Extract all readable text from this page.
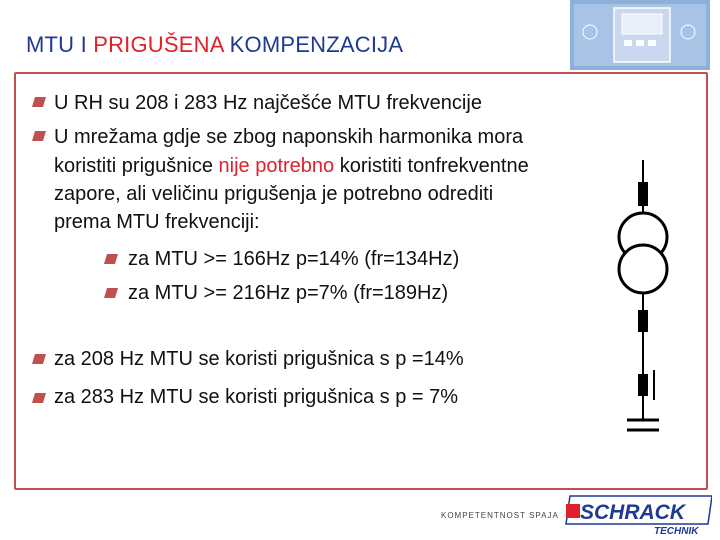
MTU I PRIGUŠENA KOMPENZACIJA
U RH su 208 i 283 Hz najčešće MTU frekvencije
U mrežama gdje se zbog naponskih harmonika mora
koristiti prigušnice nije potrebno koristiti tonfrekventne
zapore, ali veličinu prigušenja je potrebno odrediti
prema MTU frekvenciji:
za MTU >= 166Hz p=14% (fr=134Hz)
za MTU >= 216Hz p=7% (fr=189Hz)
za 208 Hz MTU se koristi prigušnica s p =14%
za 283 Hz MTU se koristi prigušnica s p = 7%
KOMPETENTNOST SPAJA SCHRACK
TECHNIK
